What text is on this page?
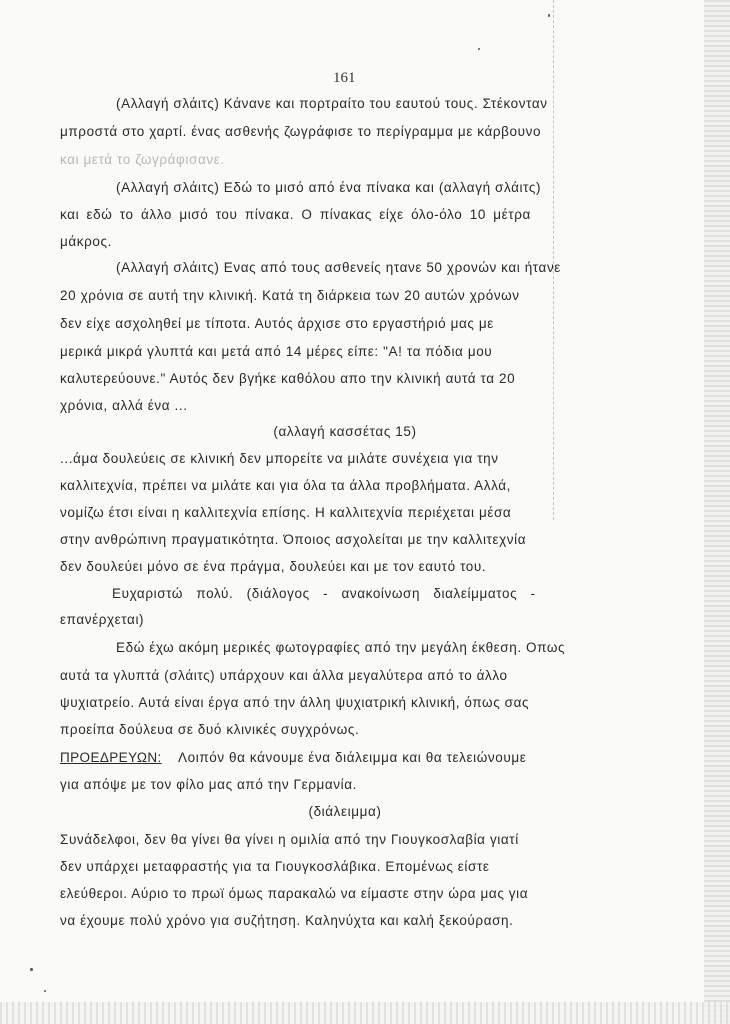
161
(Αλλαγή σλάιτς) Κάνανε και πορτραίτο του εαυτού τους. Στέκονταν
μπροστά στο χαρτί. ένας ασθενής ζωγράφισε το περίγραμμα με κάρβουνο
και μετά το ζωγράφισανε.
(Αλλαγή σλάιτς) Εδώ το μισό από ένα πίνακα και (αλλαγή σλάιτς)
και εδώ το άλλο μισό του πίνακα. Ο πίνακας είχε όλο-όλο 10 μέτρα
μάκρος.
(Αλλαγή σλάιτς) Ενας από τους ασθενείς ητανε 50 χρονών και ήτανε
20 χρόνια σε αυτή την κλινική. Κατά τη διάρκεια των 20 αυτών χρόνων
δεν είχε ασχοληθεί με τίποτα. Αυτός άρχισε στο εργαστήριό μας με
μερικά μικρά γλυπτά και μετά από 14 μέρες είπε: "Α! τα πόδια μου
καλυτερεύουνε." Αυτός δεν βγήκε καθόλου απο την κλινική αυτά τα 20
χρόνια, αλλά ένα ...
(αλλαγή κασσέτας 15)
...άμα δουλεύεις σε κλινική δεν μπορείτε να μιλάτε συνέχεια για την
καλλιτεχνία, πρέπει να μιλάτε και για όλα τα άλλα προβλήματα. Αλλά,
νομίζω έτσι είναι η καλλιτεχνία επίσης. Η καλλιτεχνία περιέχεται μέσα
στην ανθρώπινη πραγματικότητα. Όποιος ασχολείται με την καλλιτεχνία
δεν δουλεύει μόνο σε ένα πράγμα, δουλεύει και με τον εαυτό του.
Ευχαριστώ πολύ. (διάλογος - ανακοίνωση διαλείμματος -
επανέρχεται)
Εδώ έχω ακόμη μερικές φωτογραφίες από την μεγάλη έκθεση. Οπως
αυτά τα γλυπτά (σλάιτς) υπάρχουν και άλλα μεγαλύτερα από το άλλο
ψυχιατρείο. Αυτά είναι έργα από την άλλη ψυχιατρική κλινική, όπως σας
προείπα δούλευα σε δυό κλινικές συγχρόνως.
ΠΡΟΕΔΡΕΥΩΝ: Λοιπόν θα κάνουμε ένα διάλειμμα και θα τελειώνουμε
για απόψε με τον φίλο μας από την Γερμανία.
(διάλειμμα)
Συνάδελφοι, δεν θα γίνει θα γίνει η ομιλία από την Γιουγκοσλαβία γιατί
δεν υπάρχει μεταφραστής για τα Γιουγκοσλάβικα. Επομένως είστε
ελεύθεροι. Αύριο το πρωϊ όμως παρακαλώ να είμαστε στην ώρα μας για
να έχουμε πολύ χρόνο για συζήτηση. Καληνύχτα και καλή ξεκούραση.
